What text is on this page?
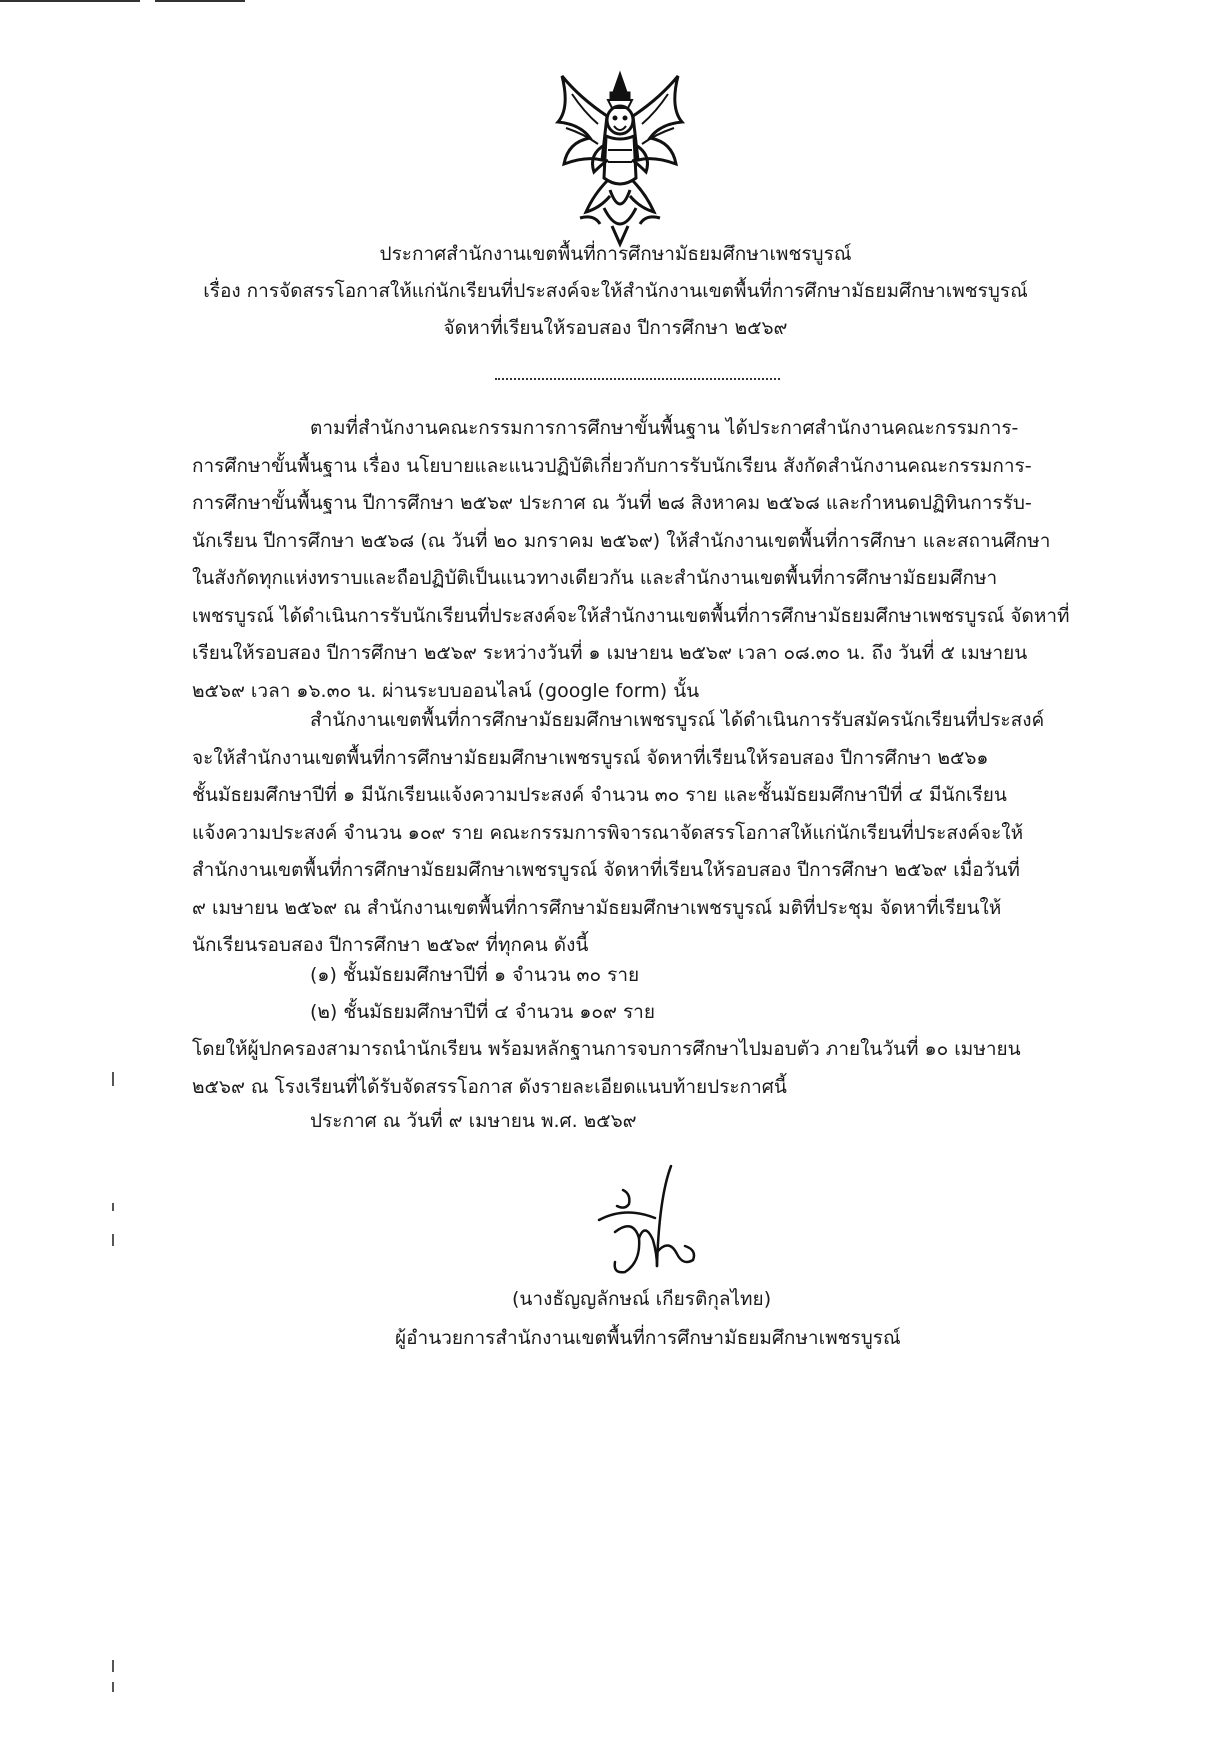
ประกาศสำนักงานเขตพื้นที่การศึกษามัธยมศึกษาเพชรบูรณ์
เรื่อง การจัดสรรโอกาสให้แก่นักเรียนที่ประสงค์จะให้สำนักงานเขตพื้นที่การศึกษามัธยมศึกษาเพชรบูรณ์
จัดหาที่เรียนให้รอบสอง ปีการศึกษา ๒๕๖๙
ตามที่สำนักงานคณะกรรมการการศึกษาขั้นพื้นฐาน ได้ประกาศสำนักงานคณะกรรมการ-
การศึกษาขั้นพื้นฐาน เรื่อง นโยบายและแนวปฏิบัติเกี่ยวกับการรับนักเรียน สังกัดสำนักงานคณะกรรมการ-
การศึกษาขั้นพื้นฐาน ปีการศึกษา ๒๕๖๙ ประกาศ ณ วันที่ ๒๘ สิงหาคม ๒๕๖๘ และกำหนดปฏิทินการรับ-
นักเรียน ปีการศึกษา ๒๕๖๘ (ณ วันที่ ๒๐ มกราคม ๒๕๖๙) ให้สำนักงานเขตพื้นที่การศึกษา และสถานศึกษา
ในสังกัดทุกแห่งทราบและถือปฏิบัติเป็นแนวทางเดียวกัน และสำนักงานเขตพื้นที่การศึกษามัธยมศึกษา
เพชรบูรณ์ ได้ดำเนินการรับนักเรียนที่ประสงค์จะให้สำนักงานเขตพื้นที่การศึกษามัธยมศึกษาเพชรบูรณ์ จัดหาที่
เรียนให้รอบสอง ปีการศึกษา ๒๕๖๙ ระหว่างวันที่ ๑ เมษายน ๒๕๖๙ เวลา ๐๘.๓๐ น. ถึง วันที่ ๕ เมษายน
๒๕๖๙ เวลา ๑๖.๓๐ น. ผ่านระบบออนไลน์ (google form) นั้น
สำนักงานเขตพื้นที่การศึกษามัธยมศึกษาเพชรบูรณ์ ได้ดำเนินการรับสมัครนักเรียนที่ประสงค์
จะให้สำนักงานเขตพื้นที่การศึกษามัธยมศึกษาเพชรบูรณ์ จัดหาที่เรียนให้รอบสอง ปีการศึกษา ๒๕๖๑
ชั้นมัธยมศึกษาปีที่ ๑ มีนักเรียนแจ้งความประสงค์ จำนวน ๓๐ ราย และชั้นมัธยมศึกษาปีที่ ๔ มีนักเรียน
แจ้งความประสงค์ จำนวน ๑๐๙ ราย คณะกรรมการพิจารณาจัดสรรโอกาสให้แก่นักเรียนที่ประสงค์จะให้
สำนักงานเขตพื้นที่การศึกษามัธยมศึกษาเพชรบูรณ์ จัดหาที่เรียนให้รอบสอง ปีการศึกษา ๒๕๖๙ เมื่อวันที่
๙ เมษายน ๒๕๖๙ ณ สำนักงานเขตพื้นที่การศึกษามัธยมศึกษาเพชรบูรณ์ มติที่ประชุม จัดหาที่เรียนให้
นักเรียนรอบสอง ปีการศึกษา ๒๕๖๙ ที่ทุกคน ดังนี้
(๑) ชั้นมัธยมศึกษาปีที่ ๑ จำนวน ๓๐ ราย
(๒) ชั้นมัธยมศึกษาปีที่ ๔ จำนวน ๑๐๙ ราย
โดยให้ผู้ปกครองสามารถนำนักเรียน พร้อมหลักฐานการจบการศึกษาไปมอบตัว ภายในวันที่ ๑๐ เมษายน
๒๕๖๙ ณ โรงเรียนที่ได้รับจัดสรรโอกาส ดังรายละเอียดแนบท้ายประกาศนี้
ประกาศ ณ วันที่ ๙ เมษายน พ.ศ. ๒๕๖๙
(นางธัญญลักษณ์ เกียรติกุลไทย)
ผู้อำนวยการสำนักงานเขตพื้นที่การศึกษามัธยมศึกษาเพชรบูรณ์
